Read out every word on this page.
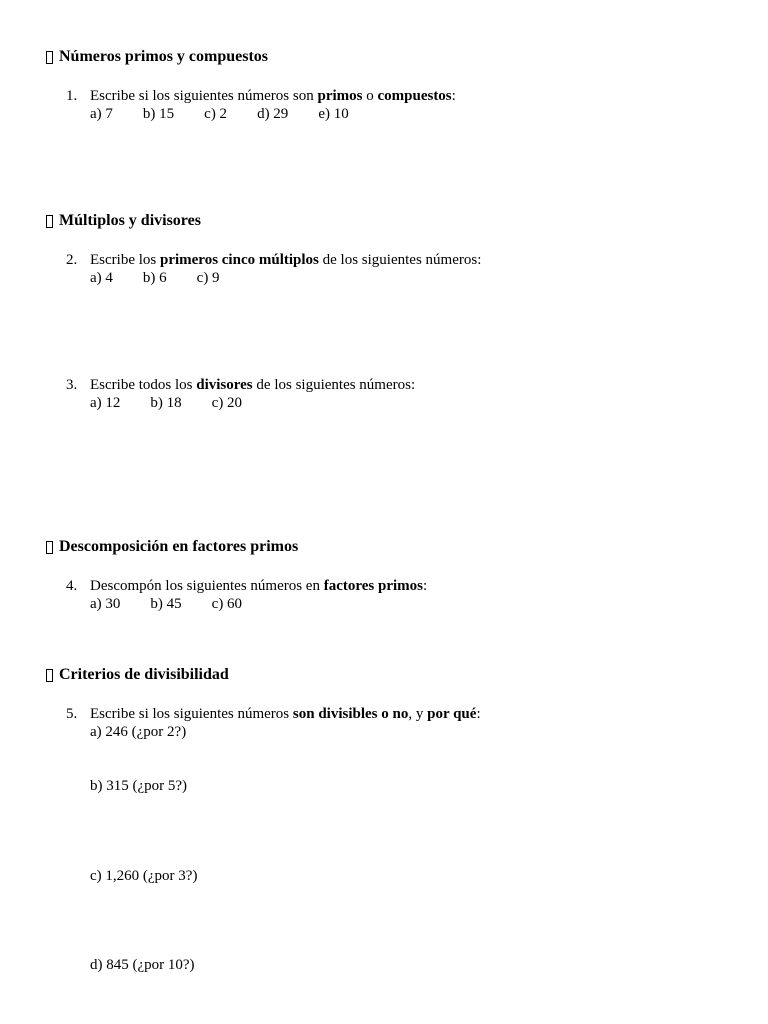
Números primos y compuestos
1. Escribe si los siguientes números son primos o compuestos:
a) 7 b) 15 c) 2 d) 29 e) 10
Múltiplos y divisores
2. Escribe los primeros cinco múltiplos de los siguientes números:
a) 4 b) 6 c) 9
3. Escribe todos los divisores de los siguientes números:
a) 12 b) 18 c) 20
Descomposición en factores primos
4. Descompón los siguientes números en factores primos:
a) 30 b) 45 c) 60
Criterios de divisibilidad
5. Escribe si los siguientes números son divisibles o no, y por qué:
a) 246 (¿por 2?)
b) 315 (¿por 5?)
c) 1,260 (¿por 3?)
d) 845 (¿por 10?)
